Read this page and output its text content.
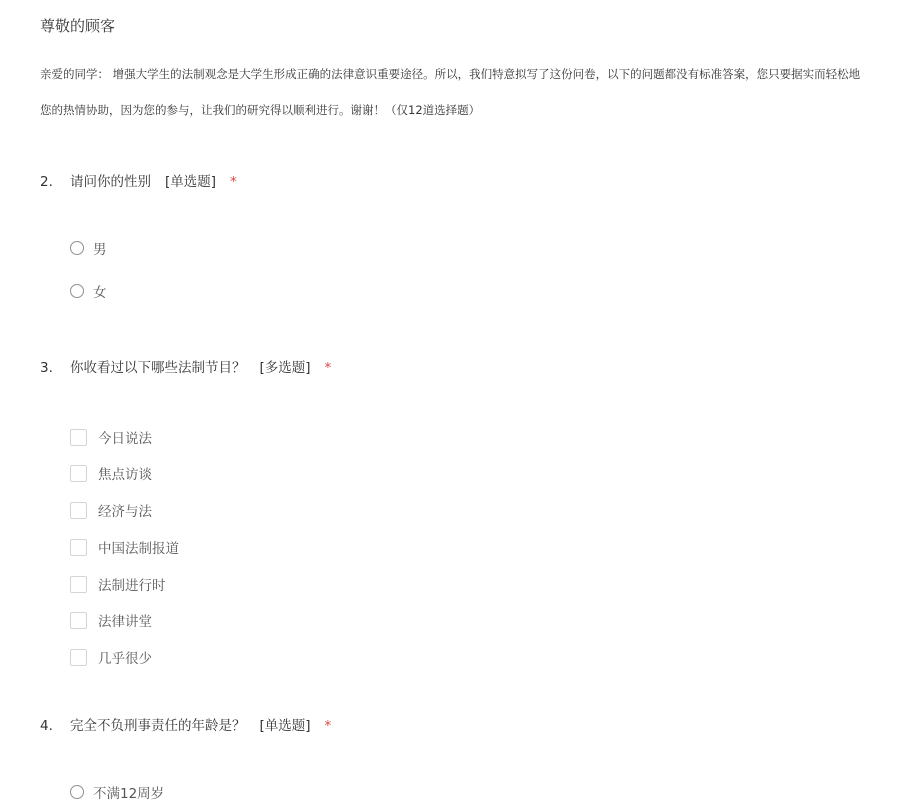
尊敬的顾客
亲爱的同学： 增强大学生的法制观念是大学生形成正确的法律意识重要途径。所以，我们特意拟写了这份问卷，以下的问题都没有标准答案，您只要据实而轻松地
您的热情协助，因为您的参与，让我们的研究得以顺利进行。谢谢！（仅12道选择题）
2. 请问你的性别 [单选题] *
男
女
3. 你收看过以下哪些法制节目？ [多选题] *
今日说法
焦点访谈
经济与法
中国法制报道
法制进行时
法律讲堂
几乎很少
4. 完全不负刑事责任的年龄是？ [单选题] *
不满12周岁
